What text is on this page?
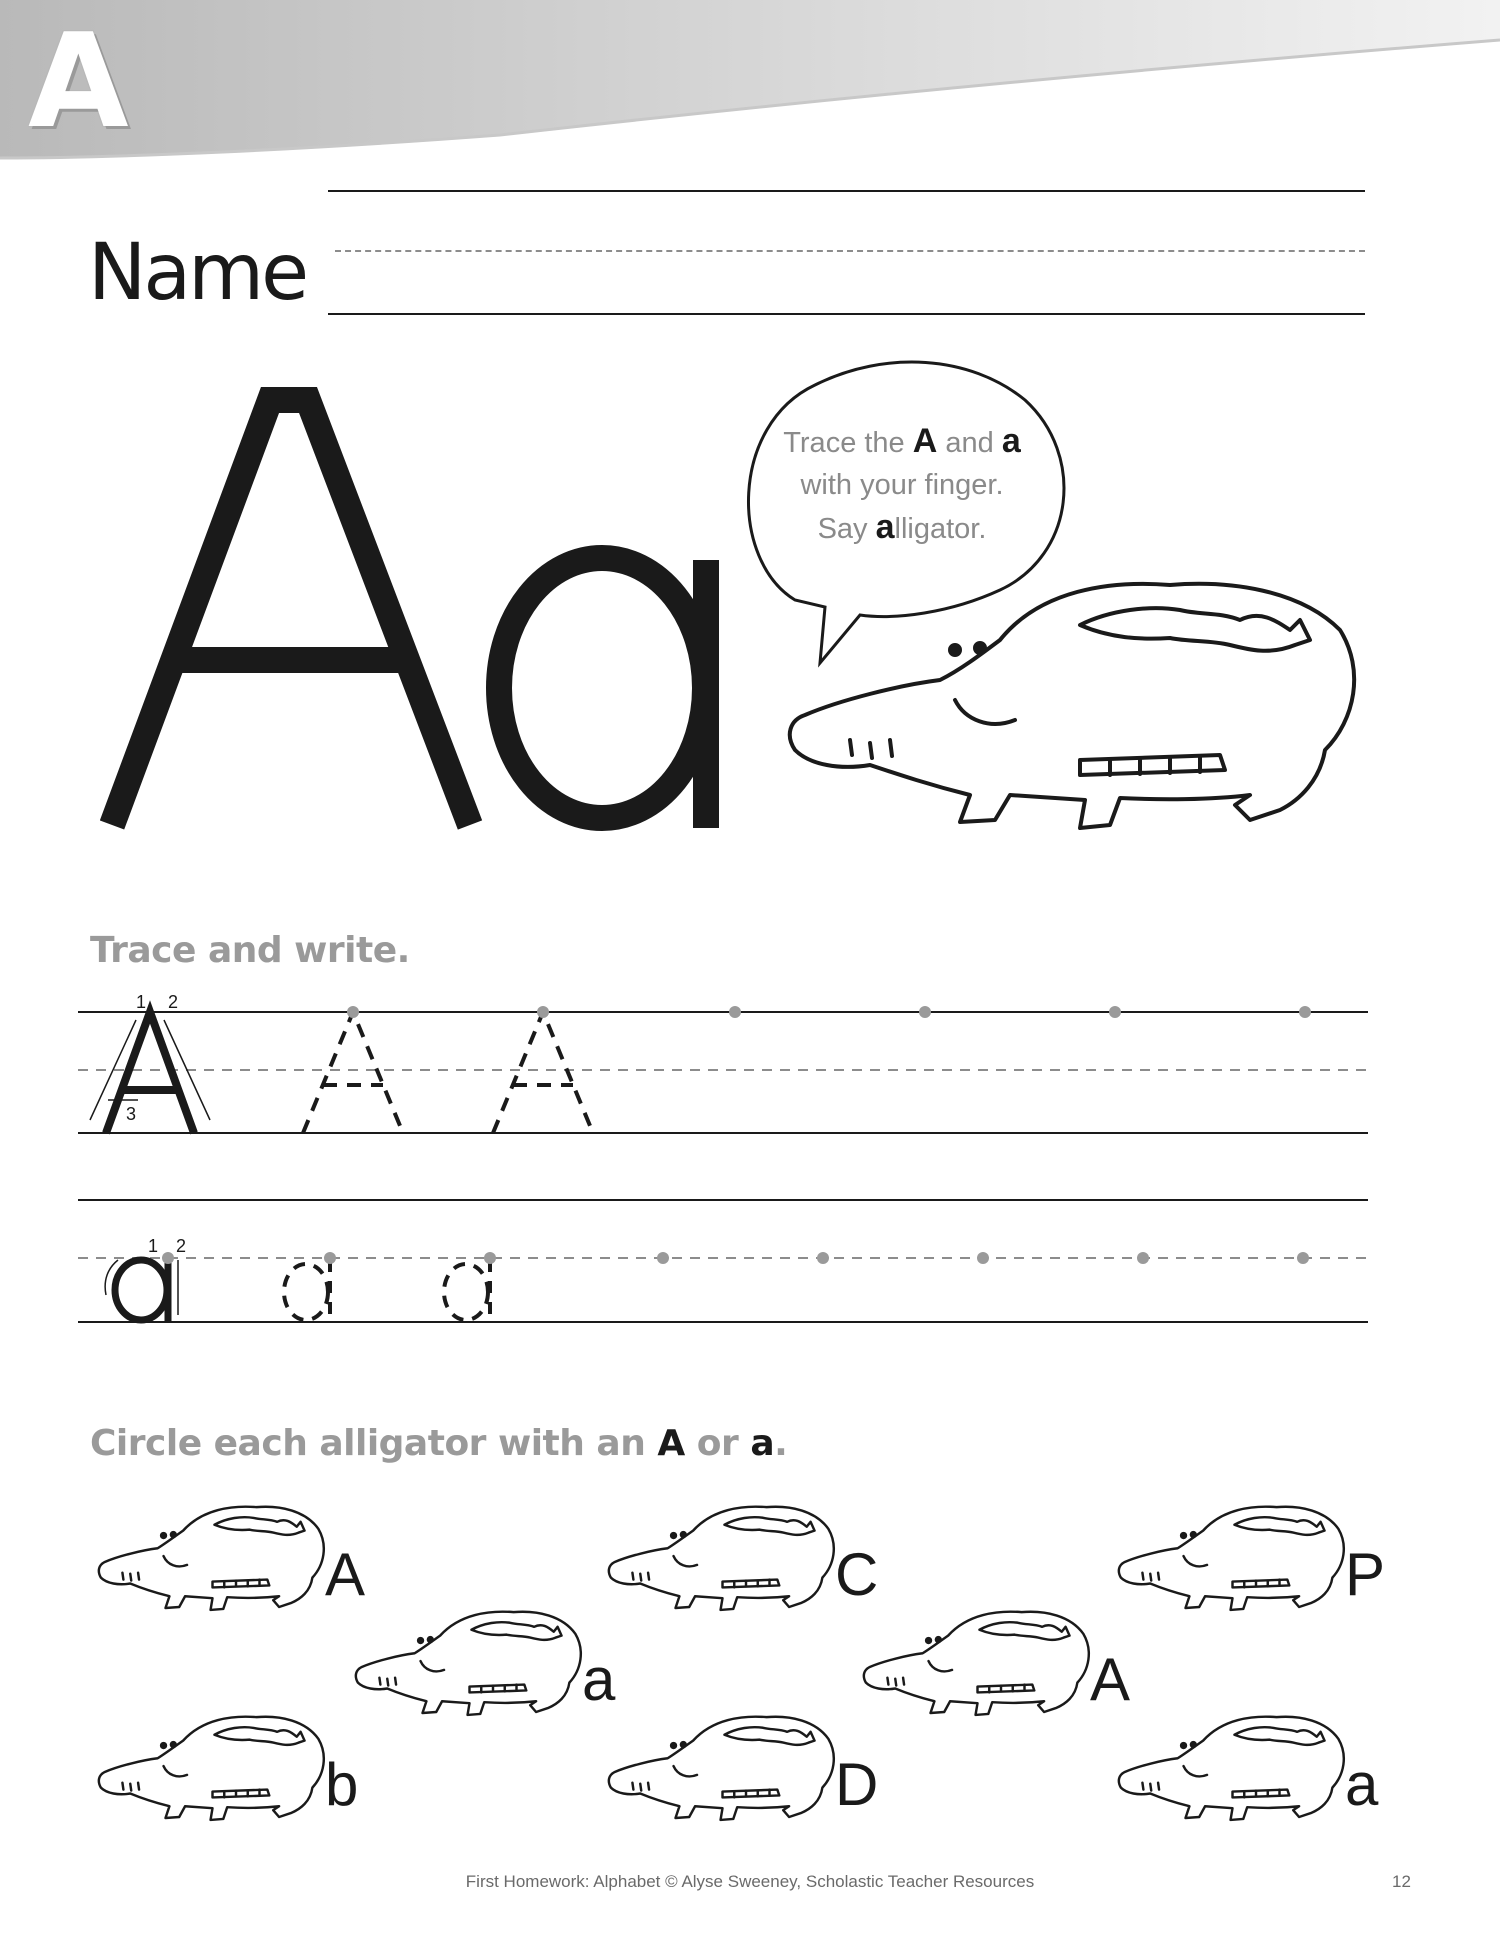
A
Name
Trace the A and a
with your finger.
Say alligator.
Trace and write.
1 2
3
1 2
Circle each alligator with an A or a.
A	C	P
a	A
b	D	a
First Homework: Alphabet © Alyse Sweeney, Scholastic Teacher Resources	12
